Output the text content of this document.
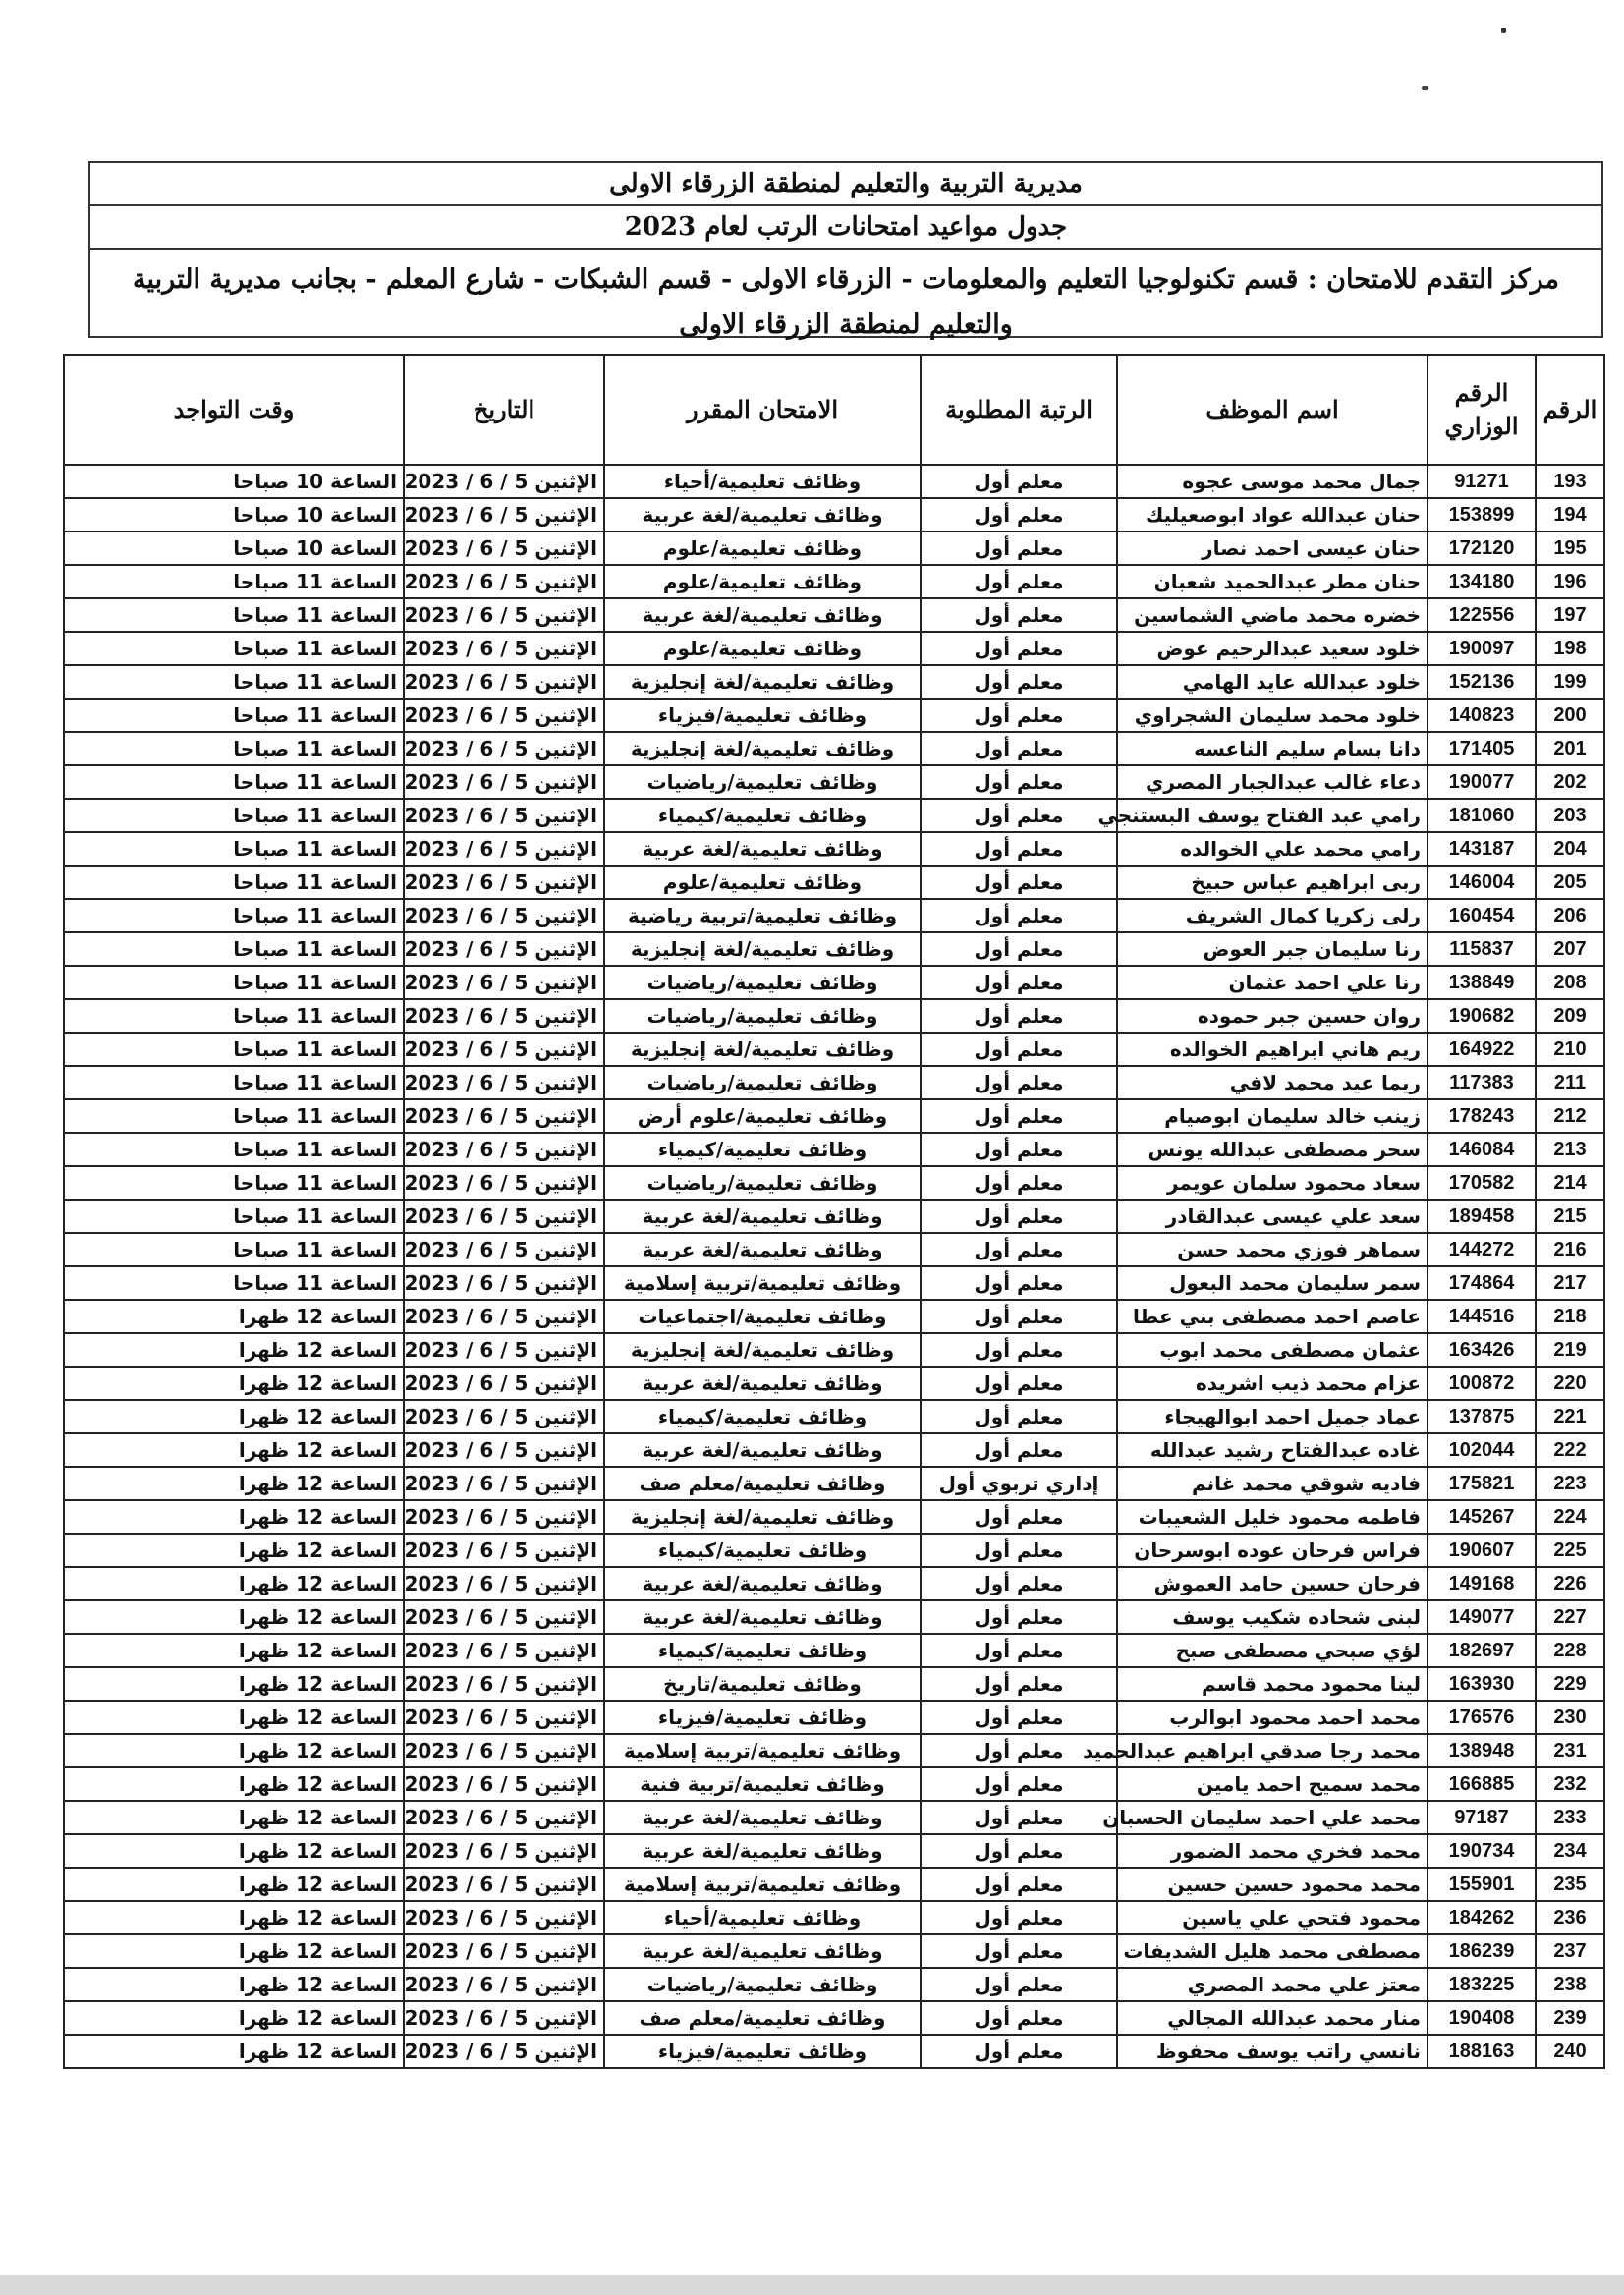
مديرية التربية والتعليم لمنطقة الزرقاء الاولى
جدول مواعيد امتحانات الرتب لعام 2023
مركز التقدم للامتحان : قسم تكنولوجيا التعليم والمعلومات - الزرقاء الاولى - قسم الشبكات - شارع المعلم - بجانب مديرية التربية والتعليم لمنطقة الزرقاء الاولى
الرقم	الرقم الوزاري	اسم الموظف	الرتبة المطلوبة	الامتحان المقرر	التاريخ	وقت التواجد
193	91271	جمال محمد موسى عجوه	معلم أول	وظائف تعليمية/أحياء	الإثنين 5 / 6 / 2023	الساعة 10 صباحا
194	153899	حنان عبدالله عواد ابوصعيليك	معلم أول	وظائف تعليمية/لغة عربية	الإثنين 5 / 6 / 2023	الساعة 10 صباحا
195	172120	حنان عيسى احمد نصار	معلم أول	وظائف تعليمية/علوم	الإثنين 5 / 6 / 2023	الساعة 10 صباحا
196	134180	حنان مطر عبدالحميد شعبان	معلم أول	وظائف تعليمية/علوم	الإثنين 5 / 6 / 2023	الساعة 11 صباحا
197	122556	خضره محمد ماضي الشماسين	معلم أول	وظائف تعليمية/لغة عربية	الإثنين 5 / 6 / 2023	الساعة 11 صباحا
198	190097	خلود سعيد عبدالرحيم عوض	معلم أول	وظائف تعليمية/علوم	الإثنين 5 / 6 / 2023	الساعة 11 صباحا
199	152136	خلود عبدالله عايد الهامي	معلم أول	وظائف تعليمية/لغة إنجليزية	الإثنين 5 / 6 / 2023	الساعة 11 صباحا
200	140823	خلود محمد سليمان الشجراوي	معلم أول	وظائف تعليمية/فيزياء	الإثنين 5 / 6 / 2023	الساعة 11 صباحا
201	171405	دانا بسام سليم الناعسه	معلم أول	وظائف تعليمية/لغة إنجليزية	الإثنين 5 / 6 / 2023	الساعة 11 صباحا
202	190077	دعاء غالب عبدالجبار المصري	معلم أول	وظائف تعليمية/رياضيات	الإثنين 5 / 6 / 2023	الساعة 11 صباحا
203	181060	رامي عبد الفتاح يوسف البستنجي	معلم أول	وظائف تعليمية/كيمياء	الإثنين 5 / 6 / 2023	الساعة 11 صباحا
204	143187	رامي محمد علي الخوالده	معلم أول	وظائف تعليمية/لغة عربية	الإثنين 5 / 6 / 2023	الساعة 11 صباحا
205	146004	ربى ابراهيم عباس حبيخ	معلم أول	وظائف تعليمية/علوم	الإثنين 5 / 6 / 2023	الساعة 11 صباحا
206	160454	رلى زكريا كمال الشريف	معلم أول	وظائف تعليمية/تربية رياضية	الإثنين 5 / 6 / 2023	الساعة 11 صباحا
207	115837	رنا سليمان جبر العوض	معلم أول	وظائف تعليمية/لغة إنجليزية	الإثنين 5 / 6 / 2023	الساعة 11 صباحا
208	138849	رنا علي احمد عثمان	معلم أول	وظائف تعليمية/رياضيات	الإثنين 5 / 6 / 2023	الساعة 11 صباحا
209	190682	روان حسين جبر حموده	معلم أول	وظائف تعليمية/رياضيات	الإثنين 5 / 6 / 2023	الساعة 11 صباحا
210	164922	ريم هاني ابراهيم الخوالده	معلم أول	وظائف تعليمية/لغة إنجليزية	الإثنين 5 / 6 / 2023	الساعة 11 صباحا
211	117383	ريما عيد محمد لافي	معلم أول	وظائف تعليمية/رياضيات	الإثنين 5 / 6 / 2023	الساعة 11 صباحا
212	178243	زينب خالد سليمان ابوصيام	معلم أول	وظائف تعليمية/علوم أرض	الإثنين 5 / 6 / 2023	الساعة 11 صباحا
213	146084	سحر مصطفى عبدالله يونس	معلم أول	وظائف تعليمية/كيمياء	الإثنين 5 / 6 / 2023	الساعة 11 صباحا
214	170582	سعاد محمود سلمان عويمر	معلم أول	وظائف تعليمية/رياضيات	الإثنين 5 / 6 / 2023	الساعة 11 صباحا
215	189458	سعد علي عيسى عبدالقادر	معلم أول	وظائف تعليمية/لغة عربية	الإثنين 5 / 6 / 2023	الساعة 11 صباحا
216	144272	سماهر فوزي محمد حسن	معلم أول	وظائف تعليمية/لغة عربية	الإثنين 5 / 6 / 2023	الساعة 11 صباحا
217	174864	سمر سليمان محمد البعول	معلم أول	وظائف تعليمية/تربية إسلامية	الإثنين 5 / 6 / 2023	الساعة 11 صباحا
218	144516	عاصم احمد مصطفى بني عطا	معلم أول	وظائف تعليمية/اجتماعيات	الإثنين 5 / 6 / 2023	الساعة 12 ظهرا
219	163426	عثمان مصطفى محمد ابوب	معلم أول	وظائف تعليمية/لغة إنجليزية	الإثنين 5 / 6 / 2023	الساعة 12 ظهرا
220	100872	عزام محمد ذيب اشريده	معلم أول	وظائف تعليمية/لغة عربية	الإثنين 5 / 6 / 2023	الساعة 12 ظهرا
221	137875	عماد جميل احمد ابوالهيجاء	معلم أول	وظائف تعليمية/كيمياء	الإثنين 5 / 6 / 2023	الساعة 12 ظهرا
222	102044	غاده عبدالفتاح رشيد عبدالله	معلم أول	وظائف تعليمية/لغة عربية	الإثنين 5 / 6 / 2023	الساعة 12 ظهرا
223	175821	فاديه شوقي محمد غانم	إداري تربوي أول	وظائف تعليمية/معلم صف	الإثنين 5 / 6 / 2023	الساعة 12 ظهرا
224	145267	فاطمه محمود خليل الشعيبات	معلم أول	وظائف تعليمية/لغة إنجليزية	الإثنين 5 / 6 / 2023	الساعة 12 ظهرا
225	190607	فراس فرحان عوده ابوسرحان	معلم أول	وظائف تعليمية/كيمياء	الإثنين 5 / 6 / 2023	الساعة 12 ظهرا
226	149168	فرحان حسين حامد العموش	معلم أول	وظائف تعليمية/لغة عربية	الإثنين 5 / 6 / 2023	الساعة 12 ظهرا
227	149077	لبنى شحاده شكيب يوسف	معلم أول	وظائف تعليمية/لغة عربية	الإثنين 5 / 6 / 2023	الساعة 12 ظهرا
228	182697	لؤي صبحي مصطفى صبح	معلم أول	وظائف تعليمية/كيمياء	الإثنين 5 / 6 / 2023	الساعة 12 ظهرا
229	163930	لينا محمود محمد قاسم	معلم أول	وظائف تعليمية/تاريخ	الإثنين 5 / 6 / 2023	الساعة 12 ظهرا
230	176576	محمد احمد محمود ابوالرب	معلم أول	وظائف تعليمية/فيزياء	الإثنين 5 / 6 / 2023	الساعة 12 ظهرا
231	138948	محمد رجا صدقي ابراهيم عبدالحميد	معلم أول	وظائف تعليمية/تربية إسلامية	الإثنين 5 / 6 / 2023	الساعة 12 ظهرا
232	166885	محمد سميح احمد يامين	معلم أول	وظائف تعليمية/تربية فنية	الإثنين 5 / 6 / 2023	الساعة 12 ظهرا
233	97187	محمد علي احمد سليمان الحسبان	معلم أول	وظائف تعليمية/لغة عربية	الإثنين 5 / 6 / 2023	الساعة 12 ظهرا
234	190734	محمد فخري محمد الضمور	معلم أول	وظائف تعليمية/لغة عربية	الإثنين 5 / 6 / 2023	الساعة 12 ظهرا
235	155901	محمد محمود حسين حسين	معلم أول	وظائف تعليمية/تربية إسلامية	الإثنين 5 / 6 / 2023	الساعة 12 ظهرا
236	184262	محمود فتحي علي ياسين	معلم أول	وظائف تعليمية/أحياء	الإثنين 5 / 6 / 2023	الساعة 12 ظهرا
237	186239	مصطفى محمد هليل الشديفات	معلم أول	وظائف تعليمية/لغة عربية	الإثنين 5 / 6 / 2023	الساعة 12 ظهرا
238	183225	معتز علي محمد المصري	معلم أول	وظائف تعليمية/رياضيات	الإثنين 5 / 6 / 2023	الساعة 12 ظهرا
239	190408	منار محمد عبدالله المجالي	معلم أول	وظائف تعليمية/معلم صف	الإثنين 5 / 6 / 2023	الساعة 12 ظهرا
240	188163	نانسي راتب يوسف محفوظ	معلم أول	وظائف تعليمية/فيزياء	الإثنين 5 / 6 / 2023	الساعة 12 ظهرا
